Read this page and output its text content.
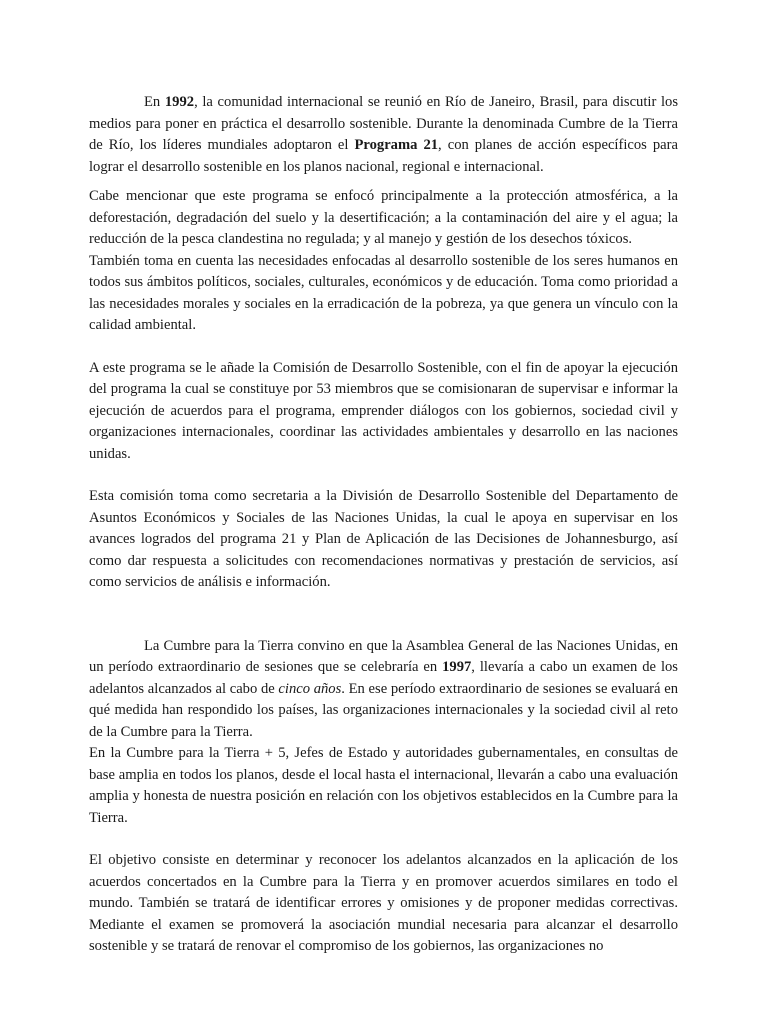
En 1992, la comunidad internacional se reunió en Río de Janeiro, Brasil, para discutir los medios para poner en práctica el desarrollo sostenible. Durante la denominada Cumbre de la Tierra de Río, los líderes mundiales adoptaron el Programa 21, con planes de acción específicos para lograr el desarrollo sostenible en los planos nacional, regional e internacional.

Cabe mencionar que este programa se enfocó principalmente a la protección atmosférica, a la deforestación, degradación del suelo y la desertificación; a la contaminación del aire y el agua; la reducción de la pesca clandestina no regulada; y al manejo y gestión de los desechos tóxicos.

También toma en cuenta las necesidades enfocadas al desarrollo sostenible de los seres humanos en todos sus ámbitos políticos, sociales, culturales, económicos y de educación. Toma como prioridad a las necesidades morales y sociales en la erradicación de la pobreza, ya que genera un vínculo con la calidad ambiental.

A este programa se le añade la Comisión de Desarrollo Sostenible, con el fin de apoyar la ejecución del programa la cual se constituye por 53 miembros que se comisionaran de supervisar e informar la ejecución de acuerdos para el programa, emprender diálogos con los gobiernos, sociedad civil y organizaciones internacionales, coordinar las actividades ambientales y desarrollo en las naciones unidas.

Esta comisión toma como secretaria a la División de Desarrollo Sostenible del Departamento de Asuntos Económicos y Sociales de las Naciones Unidas, la cual le apoya en supervisar en los avances logrados del programa 21 y Plan de Aplicación de las Decisiones de Johannesburgo, así como dar respuesta a solicitudes con recomendaciones normativas y prestación de servicios, así como servicios de análisis e información.

La Cumbre para la Tierra convino en que la Asamblea General de las Naciones Unidas, en un período extraordinario de sesiones que se celebraría en 1997, llevaría a cabo un examen de los adelantos alcanzados al cabo de cinco años. En ese período extraordinario de sesiones se evaluará en qué medida han respondido los países, las organizaciones internacionales y la sociedad civil al reto de la Cumbre para la Tierra.

En la Cumbre para la Tierra + 5, Jefes de Estado y autoridades gubernamentales, en consultas de base amplia en todos los planos, desde el local hasta el internacional, llevarán a cabo una evaluación amplia y honesta de nuestra posición en relación con los objetivos establecidos en la Cumbre para la Tierra.

El objetivo consiste en determinar y reconocer los adelantos alcanzados en la aplicación de los acuerdos concertados en la Cumbre para la Tierra y en promover acuerdos similares en todo el mundo. También se tratará de identificar errores y omisiones y de proponer medidas correctivas. Mediante el examen se promoverá la asociación mundial necesaria para alcanzar el desarrollo sostenible y se tratará de renovar el compromiso de los gobiernos, las organizaciones no
